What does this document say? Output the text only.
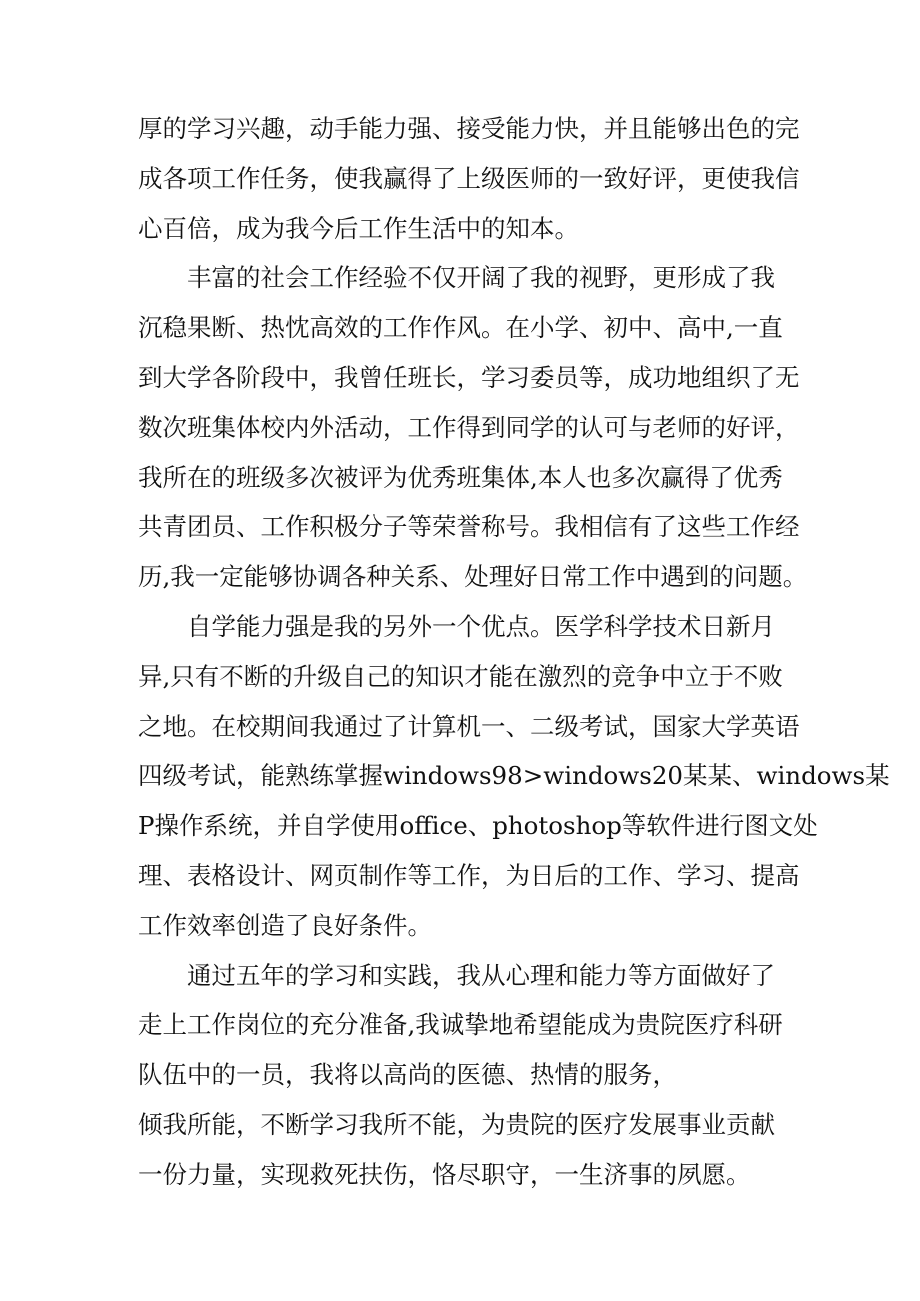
厚的学习兴趣，动手能力强、接受能力快，并且能够出色的完
成各项工作任务，使我赢得了上级医师的一致好评，更使我信
心百倍，成为我今后工作生活中的知本。
丰富的社会工作经验不仅开阔了我的视野，更形成了我
沉稳果断、热忱高效的工作作风。在小学、初中、高中,一直
到大学各阶段中，我曾任班长，学习委员等，成功地组织了无
数次班集体校内外活动，工作得到同学的认可与老师的好评，
我所在的班级多次被评为优秀班集体,本人也多次赢得了优秀
共青团员、工作积极分子等荣誉称号。我相信有了这些工作经
历,我一定能够协调各种关系、处理好日常工作中遇到的问题。
自学能力强是我的另外一个优点。医学科学技术日新月
异,只有不断的升级自己的知识才能在激烈的竞争中立于不败
之地。在校期间我通过了计算机一、二级考试，国家大学英语
四级考试，能熟练掌握windows98>windows20某某、windows某
P操作系统，并自学使用office、photoshop等软件进行图文处
理、表格设计、网页制作等工作，为日后的工作、学习、提高
工作效率创造了良好条件。
通过五年的学习和实践，我从心理和能力等方面做好了
走上工作岗位的充分准备,我诚挚地希望能成为贵院医疗科研
队伍中的一员，我将以高尚的医德、热情的服务，
倾我所能，不断学习我所不能，为贵院的医疗发展事业贡献
一份力量，实现救死扶伤，恪尽职守，一生济事的夙愿。
